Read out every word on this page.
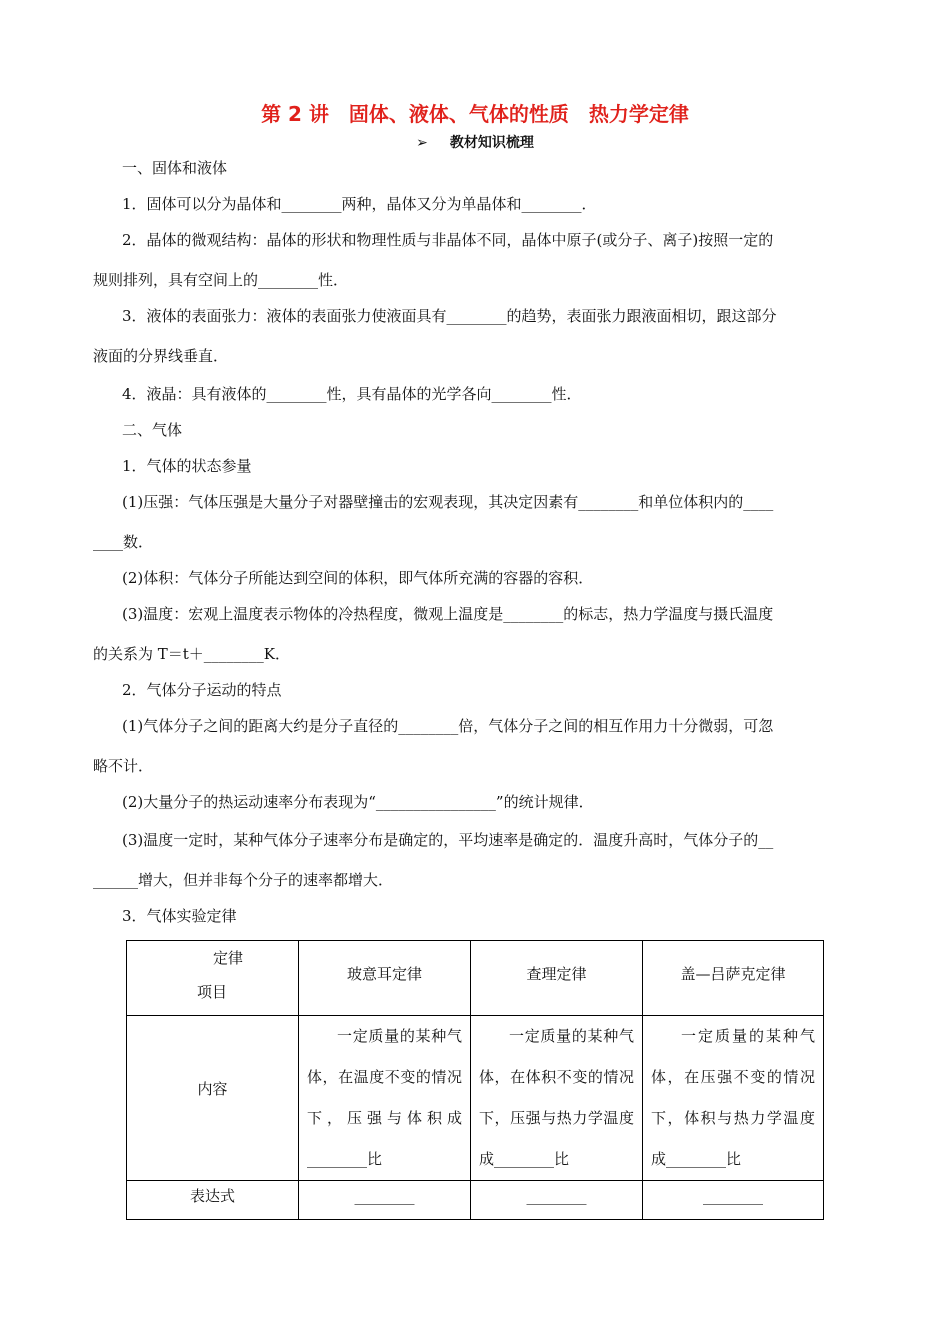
第 2 讲　固体、液体、气体的性质　热力学定律
➢ 教材知识梳理
一、固体和液体
1．固体可以分为晶体和________两种，晶体又分为单晶体和________．
2．晶体的微观结构：晶体的形状和物理性质与非晶体不同，晶体中原子(或分子、离子)按照一定的
规则排列，具有空间上的________性．
3．液体的表面张力：液体的表面张力使液面具有________的趋势，表面张力跟液面相切，跟这部分
液面的分界线垂直．
4．液晶：具有液体的________性，具有晶体的光学各向________性．
二、气体
1．气体的状态参量
(1)压强：气体压强是大量分子对器壁撞击的宏观表现，其决定因素有________和单位体积内的____
____数．
(2)体积：气体分子所能达到空间的体积，即气体所充满的容器的容积．
(3)温度：宏观上温度表示物体的冷热程度，微观上温度是________的标志，热力学温度与摄氏温度
的关系为 T＝t＋________K．
2．气体分子运动的特点
(1)气体分子之间的距离大约是分子直径的________倍，气体分子之间的相互作用力十分微弱，可忽
略不计．
(2)大量分子的热运动速率分布表现为“________________”的统计规律．
(3)温度一定时，某种气体分子速率分布是确定的，平均速率是确定的．温度升高时，气体分子的__
______增大，但并非每个分子的速率都增大．
3．气体实验定律
定律
项目	玻意耳定律	查理定律	盖—吕萨克定律

内容	一定质量的某种气体，在温度不变的情况下，压强与体积成________比	一定质量的某种气体，在体积不变的情况下，压强与热力学温度成________比	一定质量的某种气体，在压强不变的情况下，体积与热力学温度成________比

表达式	________	________	________
